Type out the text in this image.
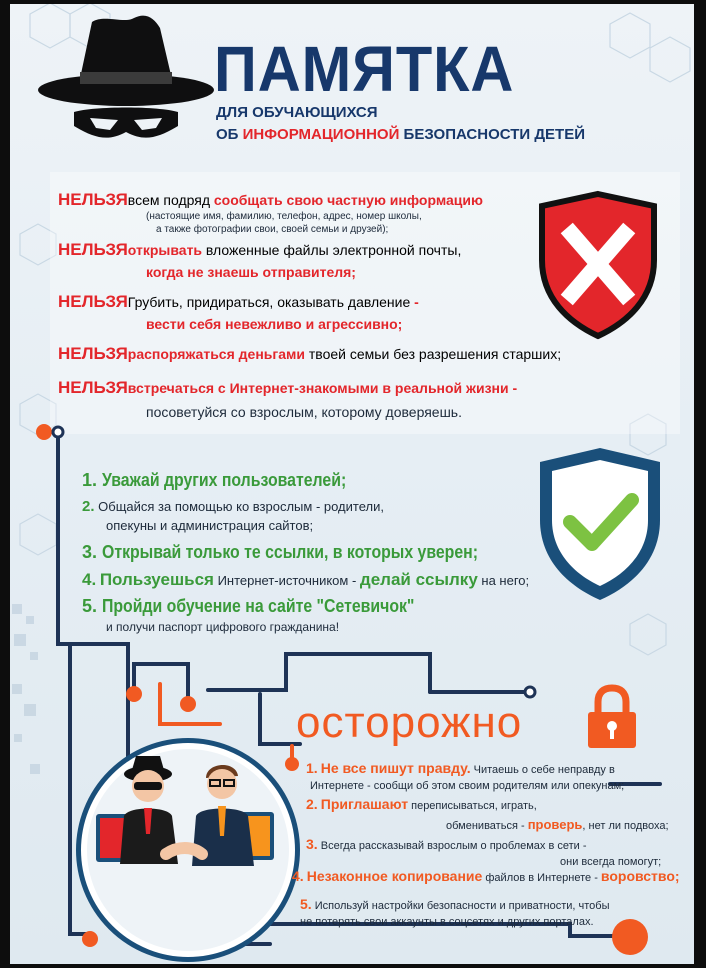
ПАМЯТКА
ДЛЯ ОБУЧАЮЩИХСЯ
ОБ ИНФОРМАЦИОННОЙ БЕЗОПАСНОСТИ ДЕТЕЙ
НЕЛЬЗЯвсем подряд сообщать свою частную информацию
(настоящие имя, фамилию, телефон, адрес, номер школы,
а также фотографии свои, своей семьи и друзей);
НЕЛЬЗЯоткрывать вложенные файлы электронной почты,
когда не знаешь отправителя;
НЕЛЬЗЯГрубить, придираться, оказывать давление -
вести себя невежливо и агрессивно;
НЕЛЬЗЯраспоряжаться деньгами твоей семьи без разрешения старших;
НЕЛЬЗЯвстречаться с Интернет-знакомыми в реальной жизни -
посоветуйся со взрослым, которому доверяешь.
1. Уважай других пользователей;
2. Общайся за помощью ко взрослым - родители,
опекуны и администрация сайтов;
3. Открывай только те ссылки, в которых уверен;
4. Пользуешься Интернет-источником - делай ссылку на него;
5. Пройди обучение на сайте "Сетевичок"
и получи паспорт цифрового гражданина!
осторожно
1. Не все пишут правду. Читаешь о себе неправду в
Интернете - сообщи об этом своим родителям или опекунам;
2. Приглашают переписываться, играть,
обмениваться - проверь, нет ли подвоха;
3. Всегда рассказывай взрослым о проблемах в сети -
они всегда помогут;
4. Незаконное копирование файлов в Интернете - воровство;
5. Используй настройки безопасности и приватности, чтобы
не потерять свои аккаунты в соцсетях и других порталах.
